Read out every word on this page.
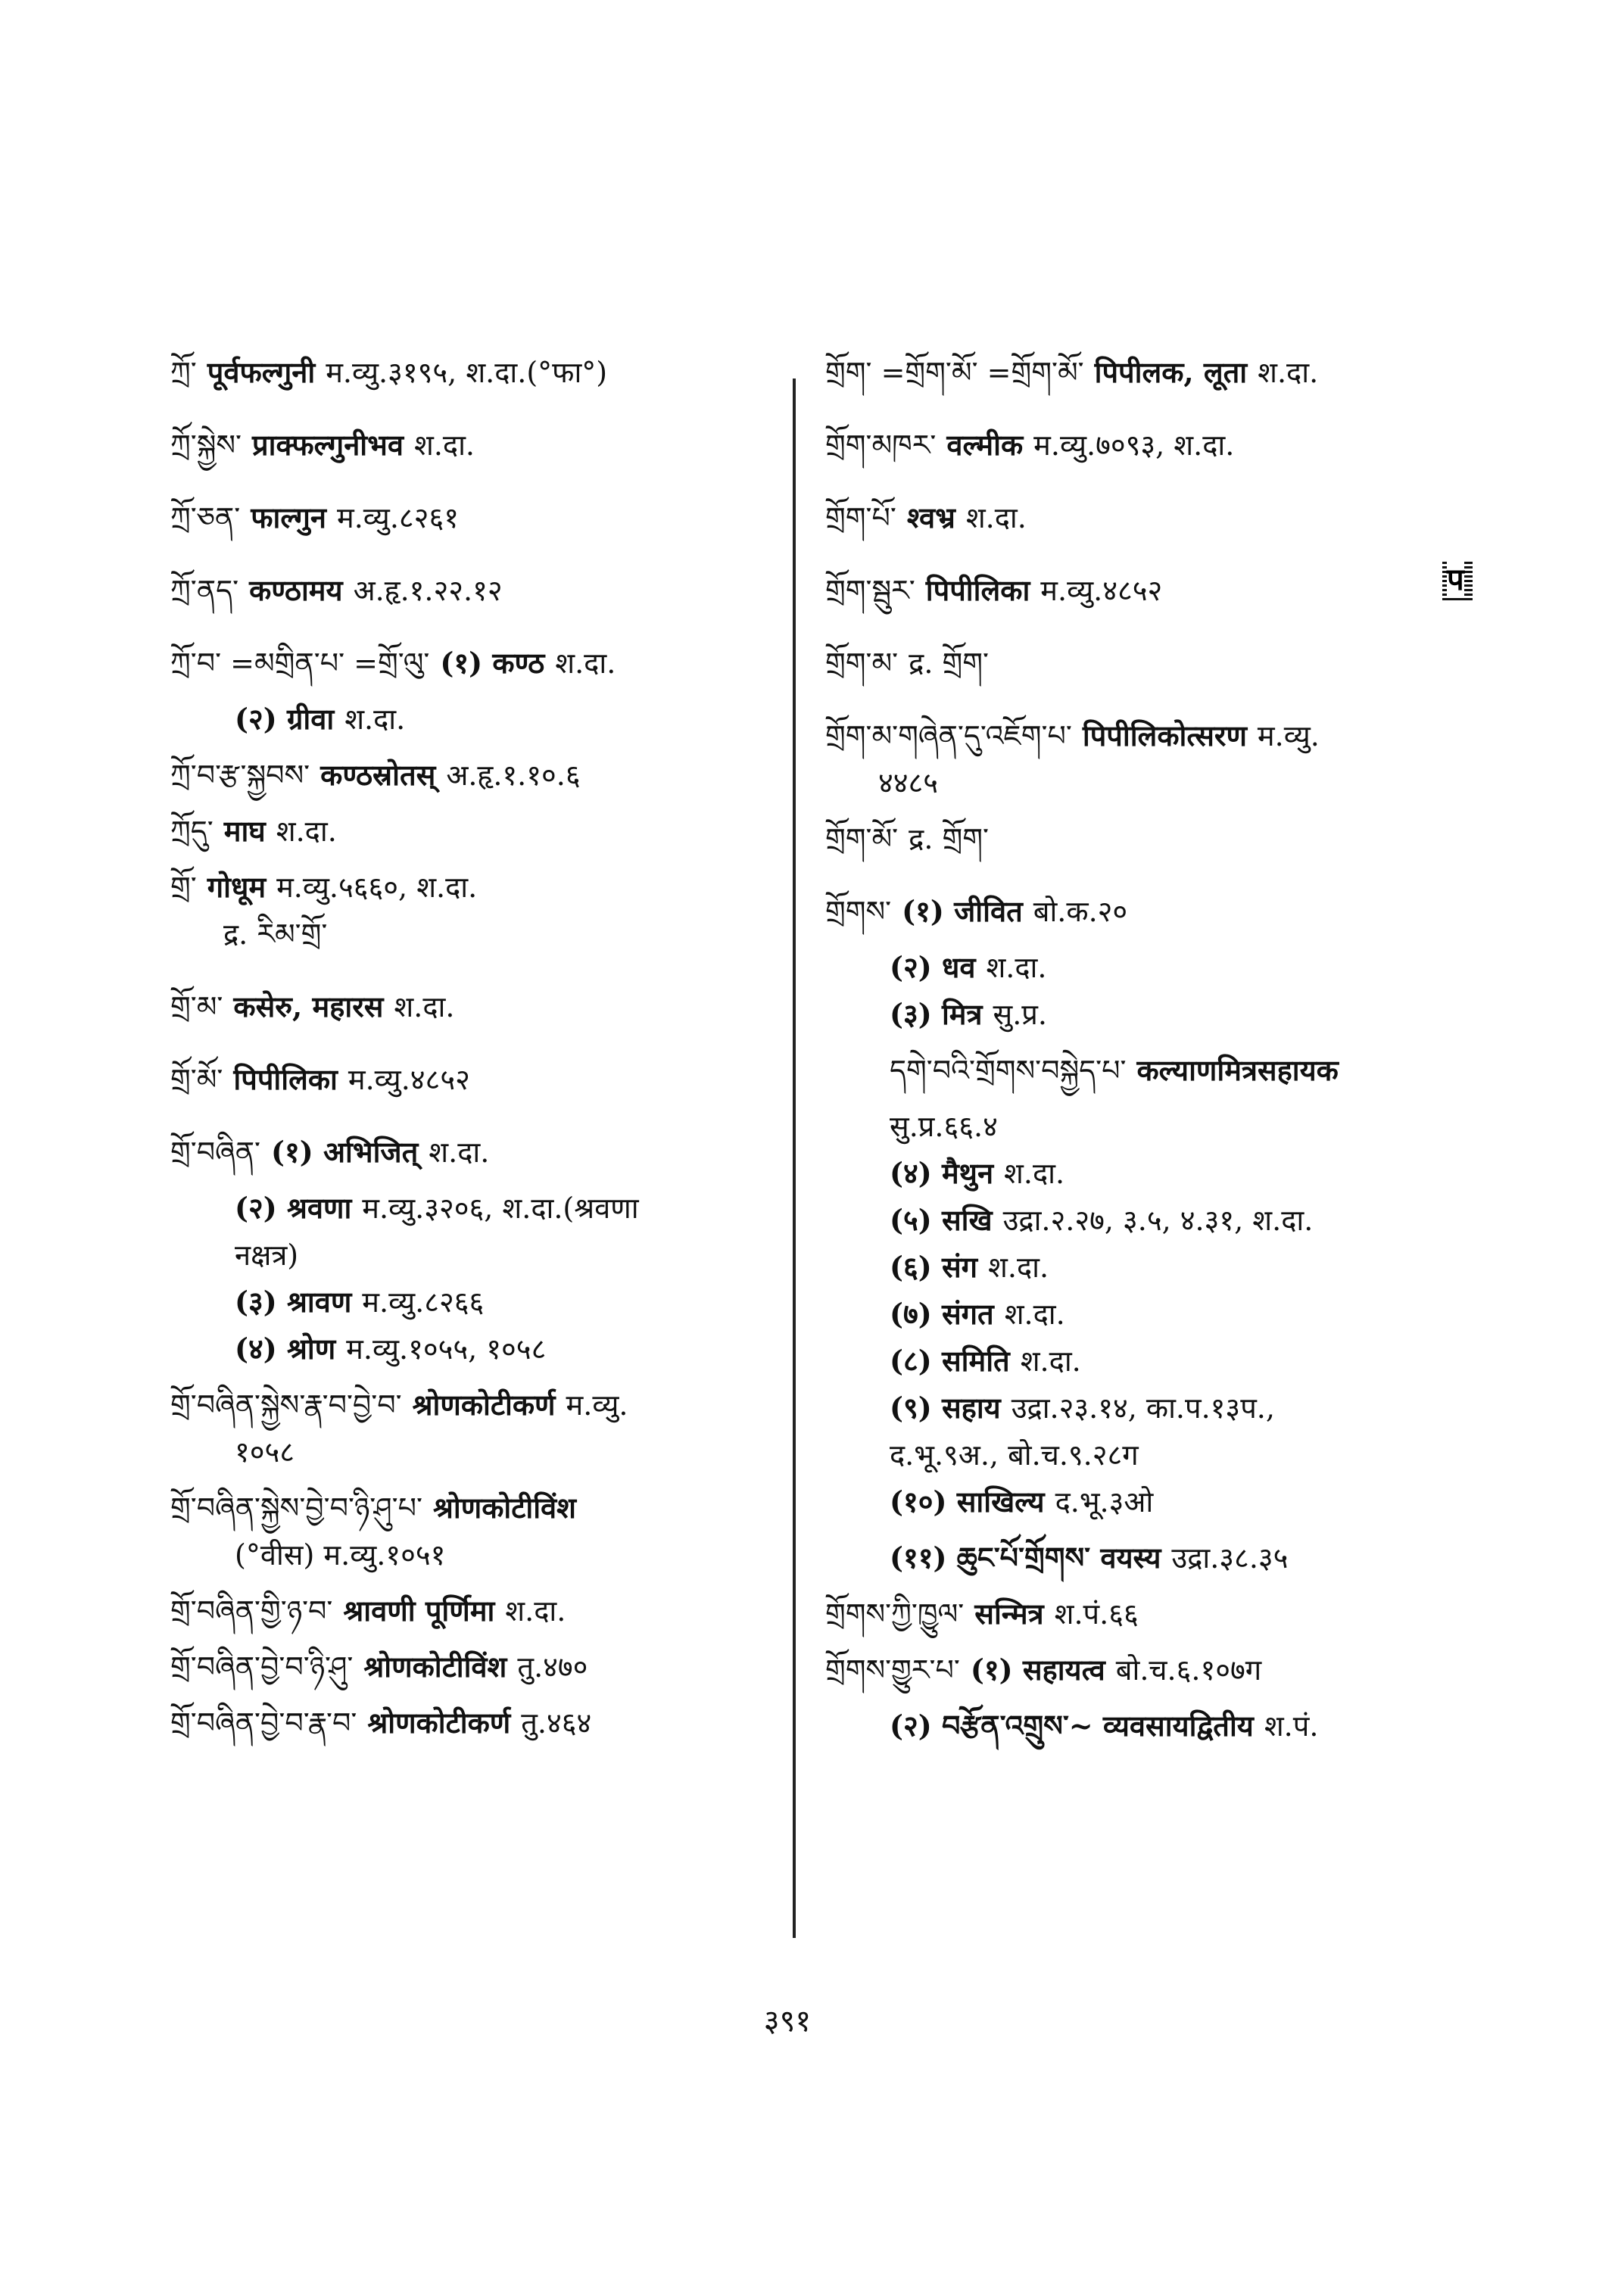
प
ཀྲོ་ पूर्वफल्गुनी म.व्यु.३१९५, श.दा.(°फा°)
ཀྲོ་སྐྱེས་ प्राक्फल्गुनीभव श.दा.
ཀྲོ་ཅན་ फाल्गुन म.व्यु.८२६१
ཀྲོ་ནད་ कण्ठामय अ.हृ.१.२२.१२
ཀྲོ་བ་ =མགྲིན་པ་ =གྲོ་ལུ་ (१) कण्ठ श.दा.
(२) ग्रीवा श.दा.
ཀྲོ་བ་རྩ་སྐྱབས་ कण्ठस्रोतस् अ.हृ.१.१०.६
ཀྲོདུ་ माघ श.दा.
གྲོ་ गोधूम म.व्यु.५६६०, श.दा.
द्र. རིམ་གྲོ་
གྲོ་མ་ कसेरु, महारस श.दा.
གྲོ་མོ་ पिपीलिका म.व्यु.४८५२
གྲོ་བཞིན་ (१) अभिजित् श.दा.
(२) श्रवणा म.व्यु.३२०६, श.दा.(श्रवणा
नक्षत्र)
(३) श्रावण म.व्यु.८२६६
(४) श्रोण म.व्यु.१०५५, १०५८
གྲོ་བཞིན་སྐྱེས་རྣ་བ་བྱེ་བ་ श्रोणकोटीकर्ण म.व्यु.
१०५८
གྲོ་བཞིན་སྐྱེས་བྱེ་བ་ཉི་ཤུ་པ་ श्रोणकोटीविंश
(°वीस) म.व्यु.१०५१
གྲོ་བཞིན་གྱི་ཉ་བ་ श्रावणी पूर्णिमा श.दा.
གྲོ་བཞིན་བྱེ་བ་ཉི་ཤུ་ श्रोणकोटीविंश तु.४७०
གྲོ་བཞིན་བྱེ་བ་རྣ་བ་ श्रोणकोटीकर्ण तु.४६४
གྲོག་ =གྲོག་མོ་ =གྲོག་མོ་ पिपीलक, लूता श.दा.
གྲོག་མཁར་ वल्मीक म.व्यु.७०९३, श.दा.
གྲོག་པོ་ श्वभ्र श.दा.
གྲོག་སྦུར་ पिपीलिका म.व्यु.४८५२
གྲོག་མ་ द्र. གྲོག་
གྲོག་མ་གཞེན་དུ་འཇོག་པ་ पिपीलिकोत्सरण म.व्यु.
४४८५
གྲོག་མོ་ द्र. གྲོག་
གྲོགས་ (१) जीवित बो.क.२०
(२) धव श.दा.
(३) मित्र सु.प्र.
དགེ་བའི་གྲོགས་བསྐྱེད་པ་ कल्याणमित्रसहायक
सु.प्र.६६.४
(४) मैथुन श.दा.
(५) सखि उद्रा.२.२७, ३.५, ४.३१, श.दा.
(६) संग श.दा.
(७) संगत श.दा.
(८) समिति श.दा.
(९) सहाय उद्रा.२३.१४, का.प.१३प.,
द.भू.९अ., बो.च.९.२८ग
(१०) साखिल्य द.भू.३ओ
(११) ཆུང་པོ་གྲོགས་ वयस्य उद्रा.३८.३५
གྲོགས་ཀྱི་ཁྱུལ་ सन्मित्र श.पं.६६
གྲོགས་གྱུར་པ་ (१) सहायत्व बो.च.६.१०७ग
(२) བརྩོན་འགྲུས་~ व्यवसायद्वितीय श.पं.
३९१
